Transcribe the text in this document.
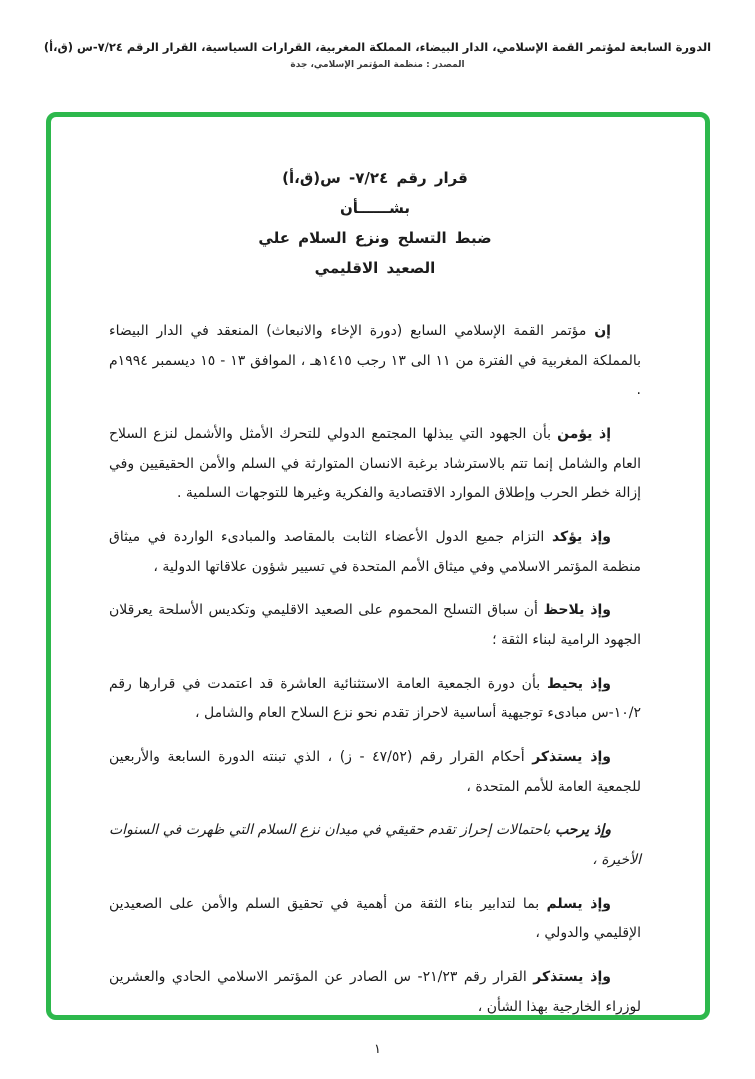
الدورة السابعة لمؤتمر القمة الإسلامي، الدار البيضاء، المملكة المغربية، القرارات السياسية، القرار الرقم ٧/٢٤-س (ق،أ)
المصدر : منظمة المؤتمر الإسلامي، جدة
قرار رقم ٧/٢٤- س(ق،أ)
بشــــــأن
ضبط التسلح ونزع السلام علي
الصعيد الاقليمي

إن مؤتمر القمة الإسلامي السابع (دورة الإخاء والانبعاث) المنعقد في الدار البيضاء بالمملكة المغربية في الفترة من ١١ الى ١٣ رجب ١٤١٥هـ ، الموافق ١٣ - ١٥ ديسمبر ١٩٩٤م .

إذ يؤمن بأن الجهود التي يبذلها المجتمع الدولي للتحرك الأمثل والأشمل لنزع السلاح العام والشامل إنما تتم بالاسترشاد برغبة الانسان المتوارثة في السلم والأمن الحقيقيين وفي إزالة خطر الحرب وإطلاق الموارد الاقتصادية والفكرية وغيرها للتوجهات السلمية .

وإذ يؤكد التزام جميع الدول الأعضاء الثابت بالمقاصد والمبادىء الواردة في ميثاق منظمة المؤتمر الاسلامي وفي ميثاق الأمم المتحدة في تسيير شؤون علاقاتها الدولية ،

وإذ يلاحظ أن سباق التسلح المحموم على الصعيد الاقليمي وتكديس الأسلحة يعرقلان الجهود الرامية لبناء الثقة ؛

وإذ يحيط بأن دورة الجمعية العامة الاستثنائية العاشرة قد اعتمدت في قرارها رقم ١٠/٢-س مبادىء توجيهية أساسية لاحراز تقدم نحو نزع السلاح العام والشامل ،

وإذ يستذكر أحكام القرار رقم (٤٧/٥٢ - ز) ، الذي تبنته الدورة السابعة والأربعين للجمعية العامة للأمم المتحدة ،

وإذ يرحب باحتمالات إحراز تقدم حقيقي في ميدان نزع السلام التي ظهرت في السنوات الأخيرة ،

وإذ يسلم بما لتدابير بناء الثقة من أهمية في تحقيق السلم والأمن على الصعيدين الإقليمي والدولي ،

وإذ يستذكر القرار رقم ٢١/٢٣- س الصادر عن المؤتمر الاسلامي الحادي والعشرين لوزراء الخارجية بهذا الشأن ،

١
